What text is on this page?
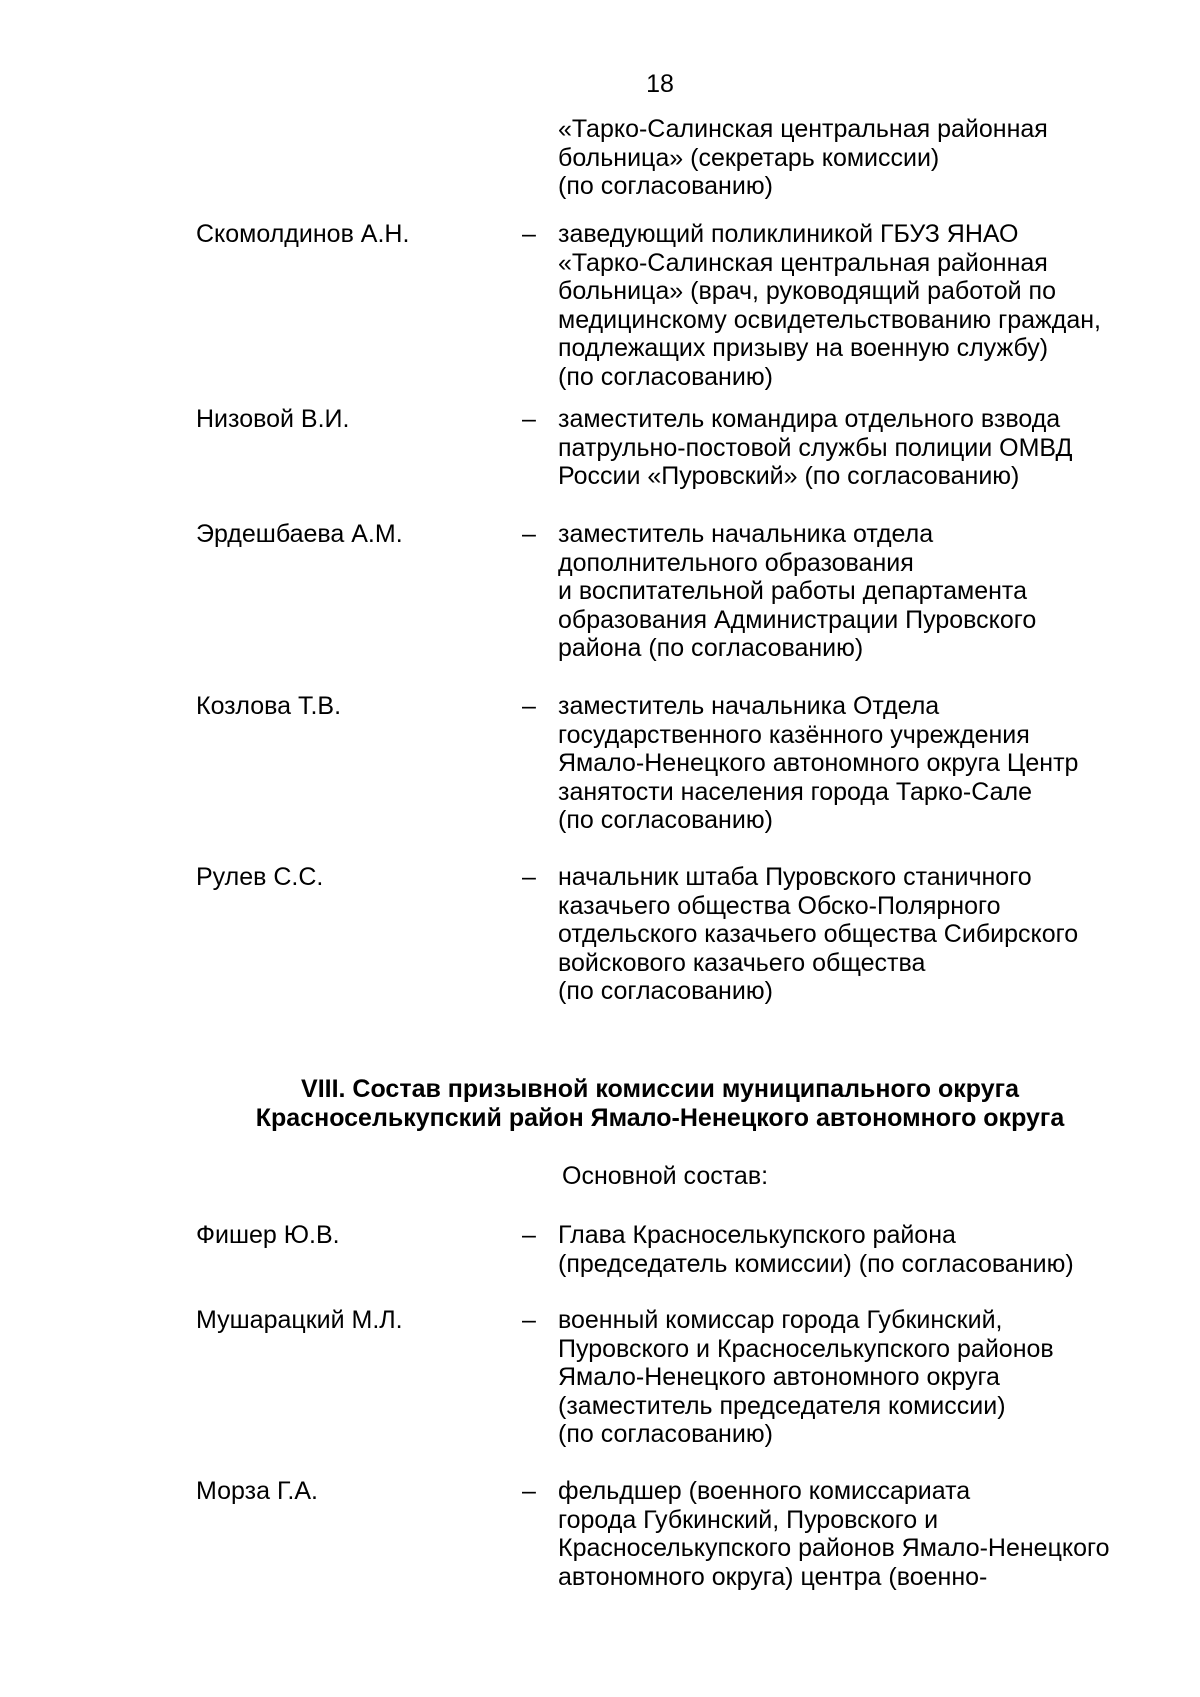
18
«Тарко-Салинская центральная районная
больница» (секретарь комиссии)
(по согласованию)
Скомолдинов А.Н.	– заведующий поликлиникой ГБУЗ ЯНАО
«Тарко-Салинская центральная районная
больница» (врач, руководящий работой по
медицинскому освидетельствованию граждан,
подлежащих призыву на военную службу)
(по согласованию)
Низовой В.И.	– заместитель командира отдельного взвода
патрульно-постовой службы полиции ОМВД
России «Пуровский» (по согласованию)
Эрдешбаева А.М.	– заместитель начальника отдела
дополнительного образования
и воспитательной работы департамента
образования Администрации Пуровского
района (по согласованию)
Козлова Т.В.	– заместитель начальника Отдела
государственного казённого учреждения
Ямало-Ненецкого автономного округа Центр
занятости населения города Тарко-Сале
(по согласованию)
Рулев С.С.	– начальник штаба Пуровского станичного
казачьего общества Обско-Полярного
отдельского казачьего общества Сибирского
войскового казачьего общества
(по согласованию)
VIII. Состав призывной комиссии муниципального округа
Красноселькупский район Ямало-Ненецкого автономного округа
Основной состав:
Фишер Ю.В.	– Глава Красноселькупского района
(председатель комиссии) (по согласованию)
Мушарацкий М.Л.	– военный комиссар города Губкинский,
Пуровского и Красноселькупского районов
Ямало-Ненецкого автономного округа
(заместитель председателя комиссии)
(по согласованию)
Морза Г.А.	– фельдшер (военного комиссариата
города Губкинский, Пуровского и
Красноселькупского районов Ямало-Ненецкого
автономного округа) центра (военно-
